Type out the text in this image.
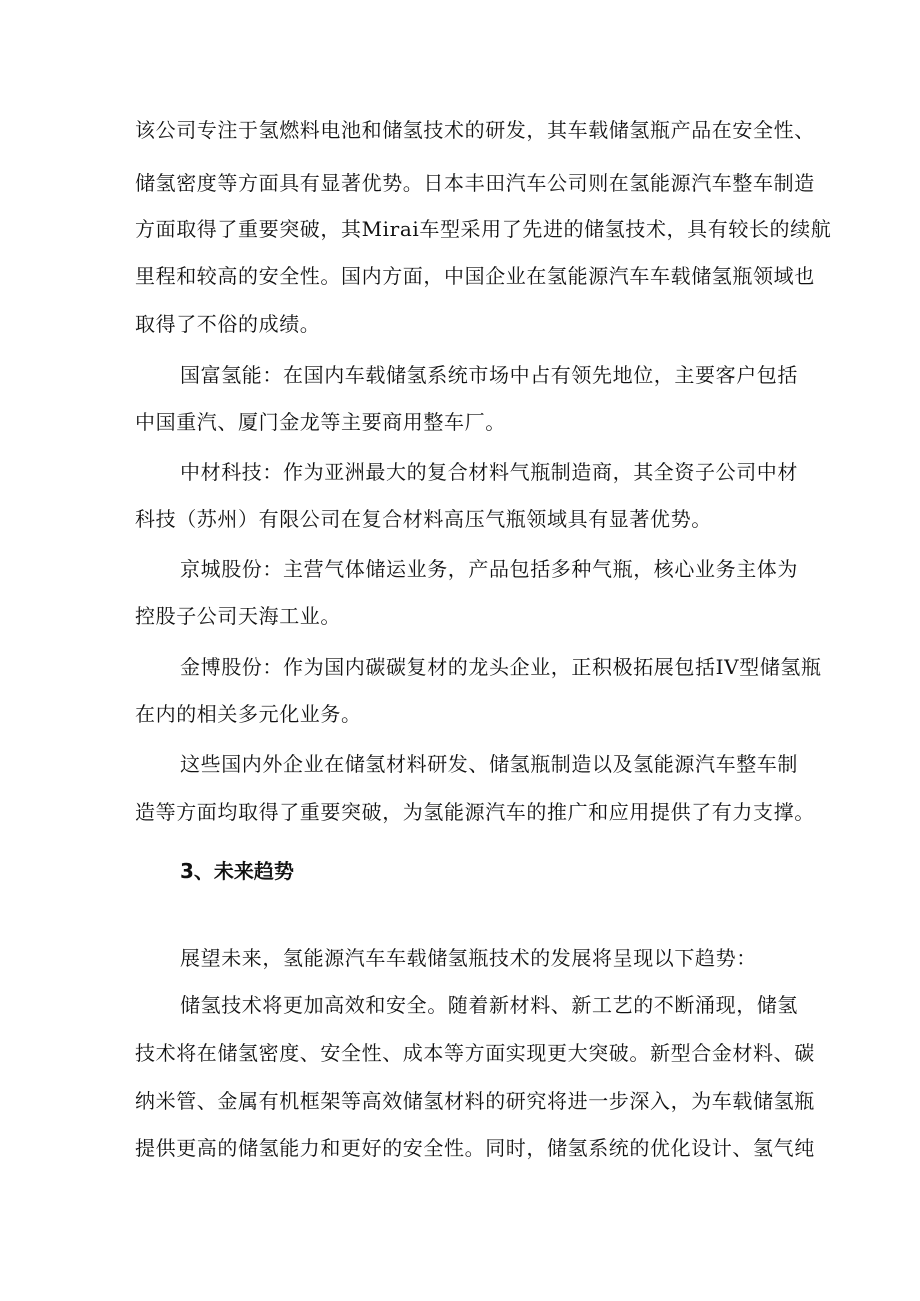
该公司专注于氢燃料电池和储氢技术的研发，其车载储氢瓶产品在安全性、
储氢密度等方面具有显著优势。日本丰田汽车公司则在氢能源汽车整车制造
方面取得了重要突破，其Mirai车型采用了先进的储氢技术，具有较长的续航
里程和较高的安全性。国内方面，中国企业在氢能源汽车车载储氢瓶领域也
取得了不俗的成绩。
国富氢能：在国内车载储氢系统市场中占有领先地位，主要客户包括
中国重汽、厦门金龙等主要商用整车厂。
中材科技：作为亚洲最大的复合材料气瓶制造商，其全资子公司中材
科技（苏州）有限公司在复合材料高压气瓶领域具有显著优势。
京城股份：主营气体储运业务，产品包括多种气瓶，核心业务主体为
控股子公司天海工业。
金博股份：作为国内碳碳复材的龙头企业，正积极拓展包括IV型储氢瓶
在内的相关多元化业务。
这些国内外企业在储氢材料研发、储氢瓶制造以及氢能源汽车整车制
造等方面均取得了重要突破，为氢能源汽车的推广和应用提供了有力支撑。
3、未来趋势
展望未来，氢能源汽车车载储氢瓶技术的发展将呈现以下趋势：
储氢技术将更加高效和安全。随着新材料、新工艺的不断涌现，储氢
技术将在储氢密度、安全性、成本等方面实现更大突破。新型合金材料、碳
纳米管、金属有机框架等高效储氢材料的研究将进一步深入，为车载储氢瓶
提供更高的储氢能力和更好的安全性。同时，储氢系统的优化设计、氢气纯
